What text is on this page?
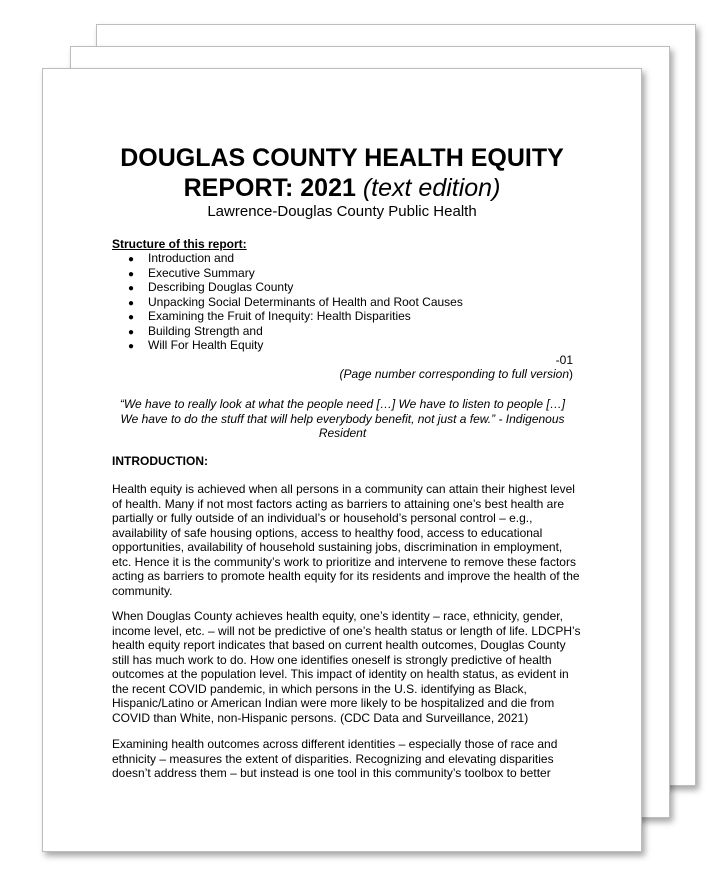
DOUGLAS COUNTY HEALTH EQUITY
REPORT: 2021 (text edition)
Lawrence-Douglas County Public Health
Structure of this report:
● Introduction and
● Executive Summary
● Describing Douglas County
● Unpacking Social Determinants of Health and Root Causes
● Examining the Fruit of Inequity: Health Disparities
● Building Strength and
● Will For Health Equity
-01
(Page number corresponding to full version)
“We have to really look at what the people need […] We have to listen to people […] We have to do the stuff that will help everybody benefit, not just a few.” - Indigenous Resident
INTRODUCTION:
Health equity is achieved when all persons in a community can attain their highest level of health. Many if not most factors acting as barriers to attaining one’s best health are partially or fully outside of an individual’s or household’s personal control – e.g., availability of safe housing options, access to healthy food, access to educational opportunities, availability of household sustaining jobs, discrimination in employment, etc. Hence it is the community’s work to prioritize and intervene to remove these factors acting as barriers to promote health equity for its residents and improve the health of the community.
When Douglas County achieves health equity, one’s identity – race, ethnicity, gender, income level, etc. – will not be predictive of one’s health status or length of life. LDCPH’s health equity report indicates that based on current health outcomes, Douglas County still has much work to do. How one identifies oneself is strongly predictive of health outcomes at the population level. This impact of identity on health status, as evident in the recent COVID pandemic, in which persons in the U.S. identifying as Black, Hispanic/Latino or American Indian were more likely to be hospitalized and die from COVID than White, non-Hispanic persons. (CDC Data and Surveillance, 2021)
Examining health outcomes across different identities – especially those of race and ethnicity – measures the extent of disparities. Recognizing and elevating disparities doesn’t address them – but instead is one tool in this community’s toolbox to better
